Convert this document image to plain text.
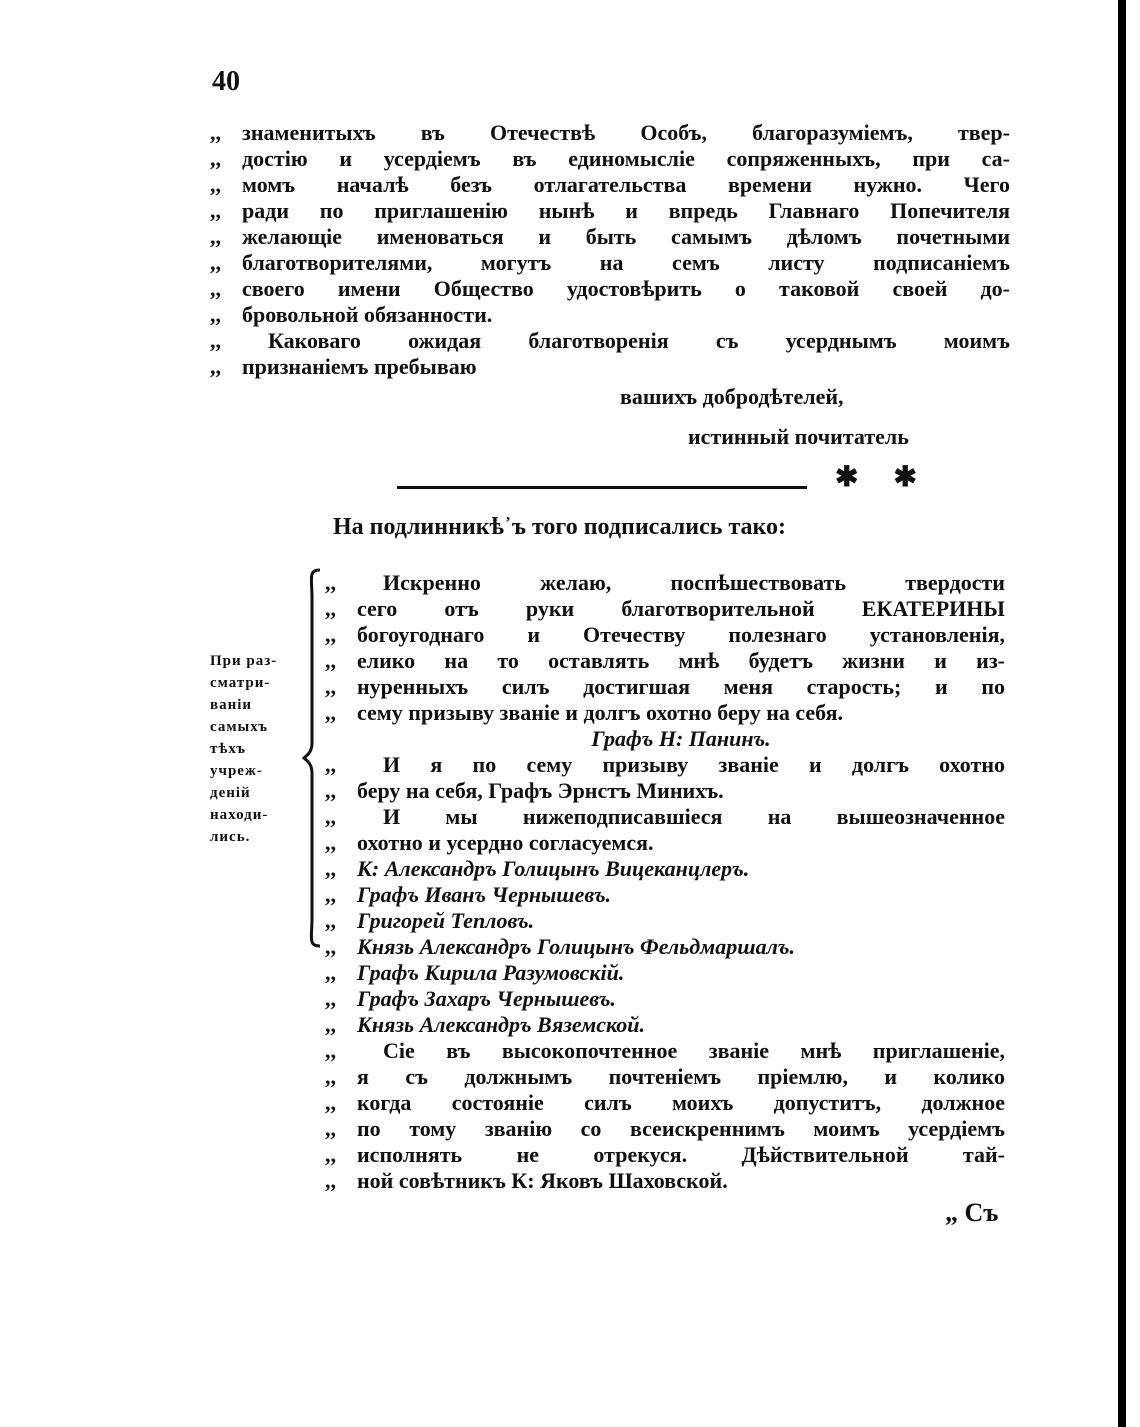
40
,, знаменитыхъ въ Отечествѣ Особъ, благоразуміемъ, твер-
,, достію и усердіемъ въ единомысліе сопряженныхъ, при са-
,, момъ началѣ безъ отлагательства времени нужно. Чего
,, ради по приглашенію нынѣ и впредь Главнаго Попечителя
,, желающіе именоваться и быть самымъ дѣломъ почетными
,, благотворителями, могутъ на семъ листу подписаніемъ
,, своего имени Общество удостовѣрить о таковой своей до-
,, бровольной обязанности.
,,	Каковаго ожидая благотворенія съ усерднымъ моимъ
,, признаніемъ пребываю
вашихъ добродѣтелей,
истинный почитатель
✱ ✱
На подлинникѣ᾽ъ того подписались тако:
При раз-
сматри-
ваніи
самыхъ
тѣхъ
учреж-
деній
находи-
лись.
,,	Искренно желаю, поспѣшествовать твердости
,, сего отъ руки благотворительной ЕКАТЕРИНЫ
,, богоугоднаго и Отечеству полезнаго установленія,
,, елико на то оставлять мнѣ будетъ жизни и из-
,, нуренныхъ силъ достигшая меня старость; и по
,, сему призыву званіе и долгъ охотно беру на себя.
Графъ Н: Панинъ.
,,	И я по сему призыву званіе и долгъ охотно
,, беру на себя, Графъ Эрнстъ Минихъ.
,,	И мы нижеподписавшіеся на вышеозначенное
,, охотно и усердно согласуемся.
,, К: Александръ Голицынъ Вицеканцлеръ.
,, Графъ Иванъ Чернышевъ.
,, Григорей Тепловъ.
,, Князь Александръ Голицынъ Фельдмаршалъ.
,, Графъ Кирила Разумовскій.
,, Графъ Захаръ Чернышевъ.
,, Князь Александръ Вяземской.
,,	Сіе въ высокопочтенное званіе мнѣ приглашеніе,
,, я съ должнымъ почтеніемъ пріемлю, и колико
,, когда состояніе силъ моихъ допуститъ, должное
,, по тому званію со всеискреннимъ моимъ усердіемъ
,, исполнять не отрекуся. Дѣйствительной тай-
,, ной совѣтникъ К: Яковъ Шаховской.
„ Съ
